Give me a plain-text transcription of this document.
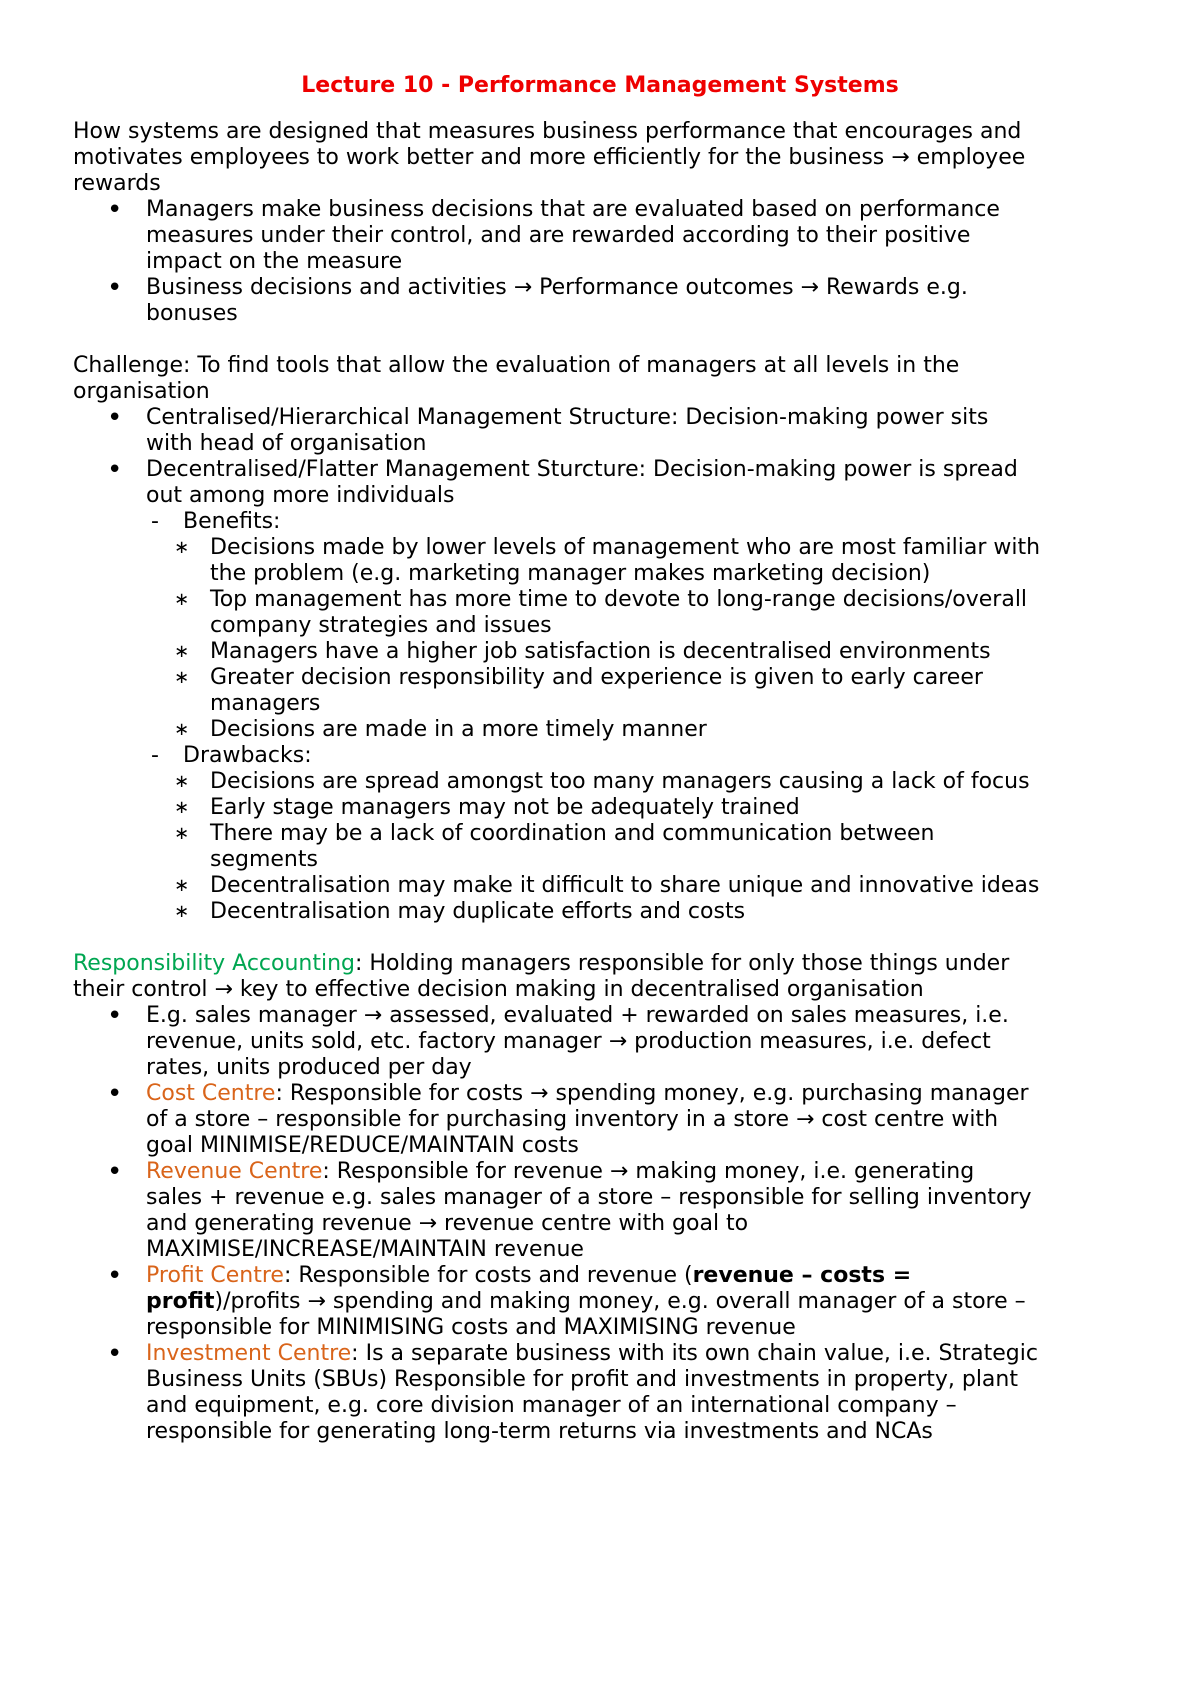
Lecture 10 - Performance Management Systems
How systems are designed that measures business performance that encourages and
motivates employees to work better and more efficiently for the business → employee
rewards
•	Managers make business decisions that are evaluated based on performance
measures under their control, and are rewarded according to their positive
impact on the measure
•	Business decisions and activities → Performance outcomes → Rewards e.g.
bonuses
Challenge: To find tools that allow the evaluation of managers at all levels in the
organisation
•	Centralised/Hierarchical Management Structure: Decision-making power sits
with head of organisation
•	Decentralised/Flatter Management Sturcture: Decision-making power is spread
out among more individuals
-	Benefits:
∗ Decisions made by lower levels of management who are most familiar with
the problem (e.g. marketing manager makes marketing decision)
∗ Top management has more time to devote to long-range decisions/overall
company strategies and issues
∗ Managers have a higher job satisfaction is decentralised environments
∗ Greater decision responsibility and experience is given to early career
managers
∗ Decisions are made in a more timely manner
-	Drawbacks:
∗ Decisions are spread amongst too many managers causing a lack of focus
∗ Early stage managers may not be adequately trained
∗ There may be a lack of coordination and communication between
segments
∗ Decentralisation may make it difficult to share unique and innovative ideas
∗ Decentralisation may duplicate efforts and costs
Responsibility Accounting: Holding managers responsible for only those things under
their control → key to effective decision making in decentralised organisation
•	E.g. sales manager → assessed, evaluated + rewarded on sales measures, i.e.
revenue, units sold, etc. factory manager → production measures, i.e. defect
rates, units produced per day
•	Cost Centre: Responsible for costs → spending money, e.g. purchasing manager
of a store – responsible for purchasing inventory in a store → cost centre with
goal MINIMISE/REDUCE/MAINTAIN costs
•	Revenue Centre: Responsible for revenue → making money, i.e. generating
sales + revenue e.g. sales manager of a store – responsible for selling inventory
and generating revenue → revenue centre with goal to
MAXIMISE/INCREASE/MAINTAIN revenue
•	Profit Centre: Responsible for costs and revenue (revenue – costs =
profit)/profits → spending and making money, e.g. overall manager of a store –
responsible for MINIMISING costs and MAXIMISING revenue
•	Investment Centre: Is a separate business with its own chain value, i.e. Strategic
Business Units (SBUs) Responsible for profit and investments in property, plant
and equipment, e.g. core division manager of an international company –
responsible for generating long-term returns via investments and NCAs
